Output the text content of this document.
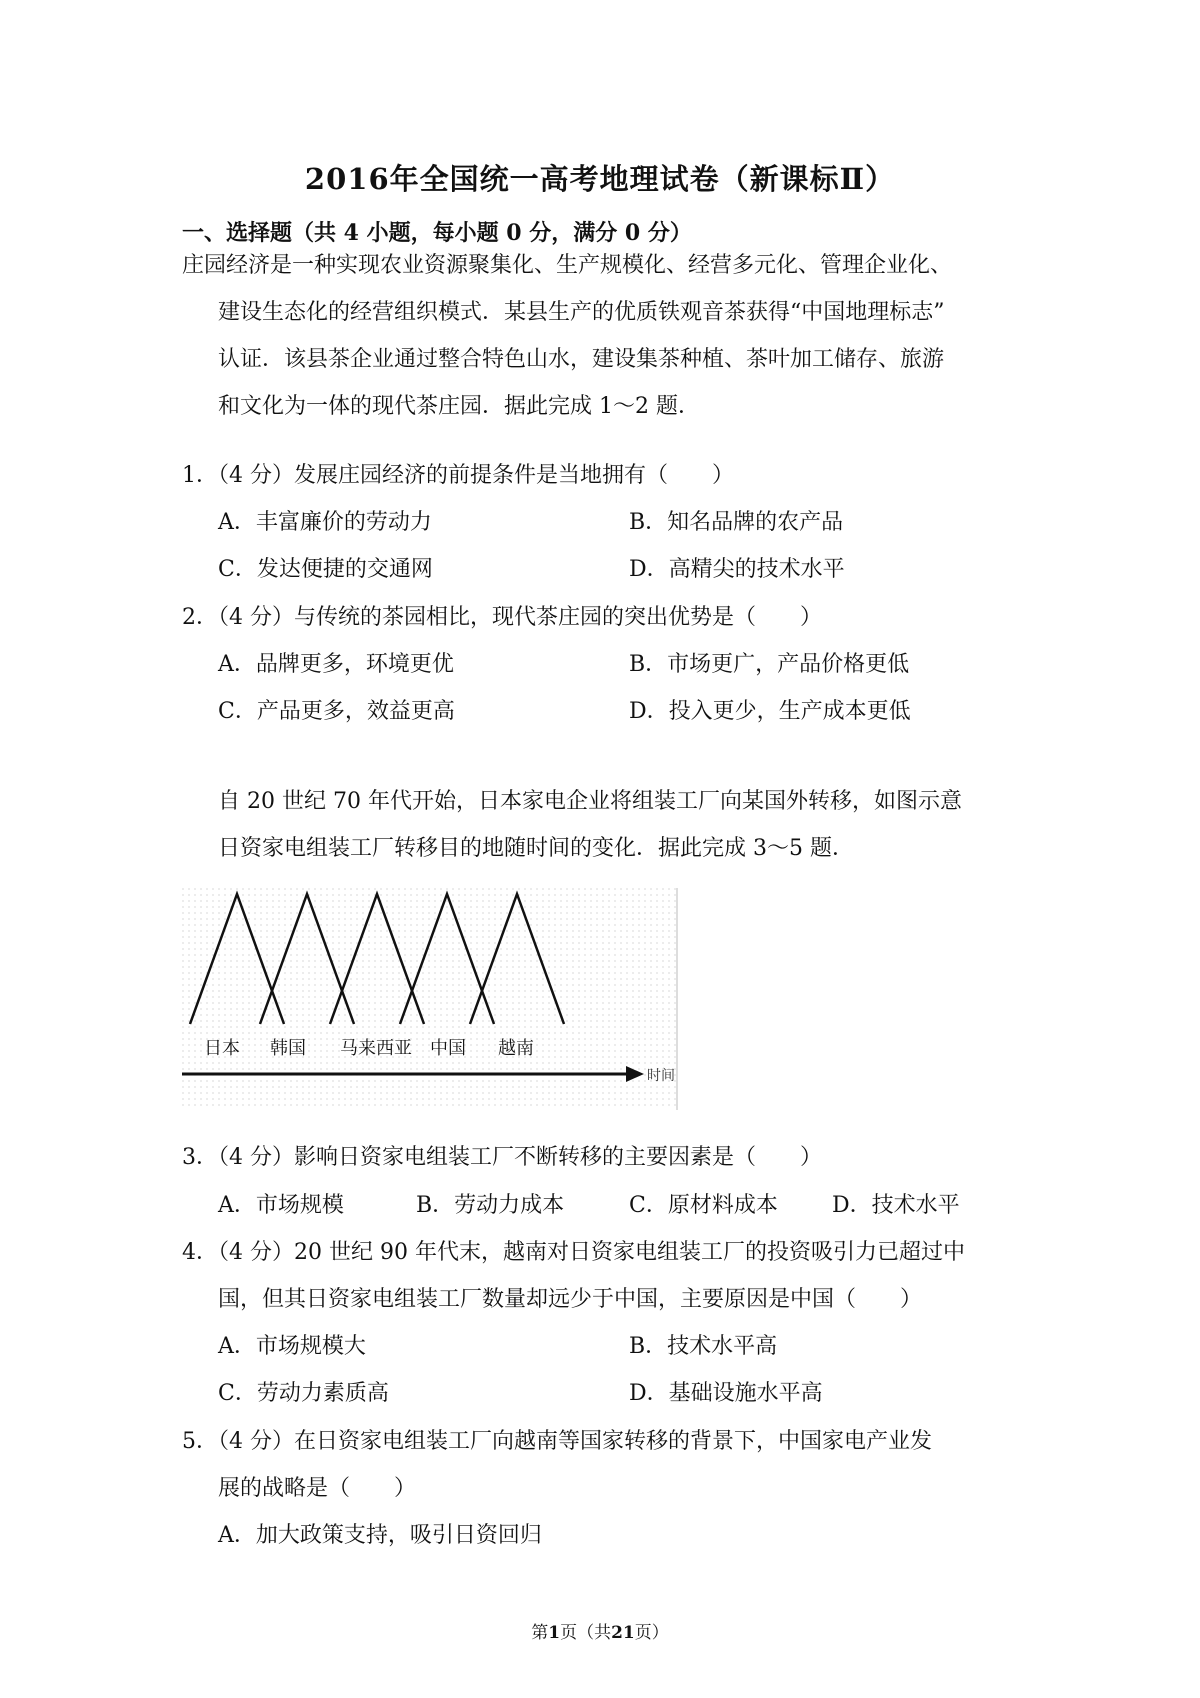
2016年全国统一高考地理试卷（新课标Ⅱ）
一、选择题（共 4 小题，每小题 0 分，满分 0 分）
庄园经济是一种实现农业资源聚集化、生产规模化、经营多元化、管理企业化、
建设生态化的经营组织模式．某县生产的优质铁观音茶获得“中国地理标志”
认证．该县茶企业通过整合特色山水，建设集茶种植、茶叶加工储存、旅游
和文化为一体的现代茶庄园．据此完成 1～2 题．
1．（4 分）发展庄园经济的前提条件是当地拥有（　　）
A．丰富廉价的劳动力	B．知名品牌的农产品
C．发达便捷的交通网	D．高精尖的技术水平
2．（4 分）与传统的茶园相比，现代茶庄园的突出优势是（　　）
A．品牌更多，环境更优	B．市场更广，产品价格更低
C．产品更多，效益更高	D．投入更少，生产成本更低
自 20 世纪 70 年代开始，日本家电企业将组装工厂向某国外转移，如图示意
日资家电组装工厂转移目的地随时间的变化．据此完成 3～5 题．
日本 韩国 马来西亚 中国 越南
时间
3．（4 分）影响日资家电组装工厂不断转移的主要因素是（　　）
A．市场规模	B．劳动力成本	C．原材料成本 D．技术水平
4．（4 分）20 世纪 90 年代末，越南对日资家电组装工厂的投资吸引力已超过中
国，但其日资家电组装工厂数量却远少于中国，主要原因是中国（　　）
A．市场规模大	B．技术水平高
C．劳动力素质高	D．基础设施水平高
5．（4 分）在日资家电组装工厂向越南等国家转移的背景下，中国家电产业发
展的战略是（　　）
A．加大政策支持，吸引日资回归
第1页（共21页）
